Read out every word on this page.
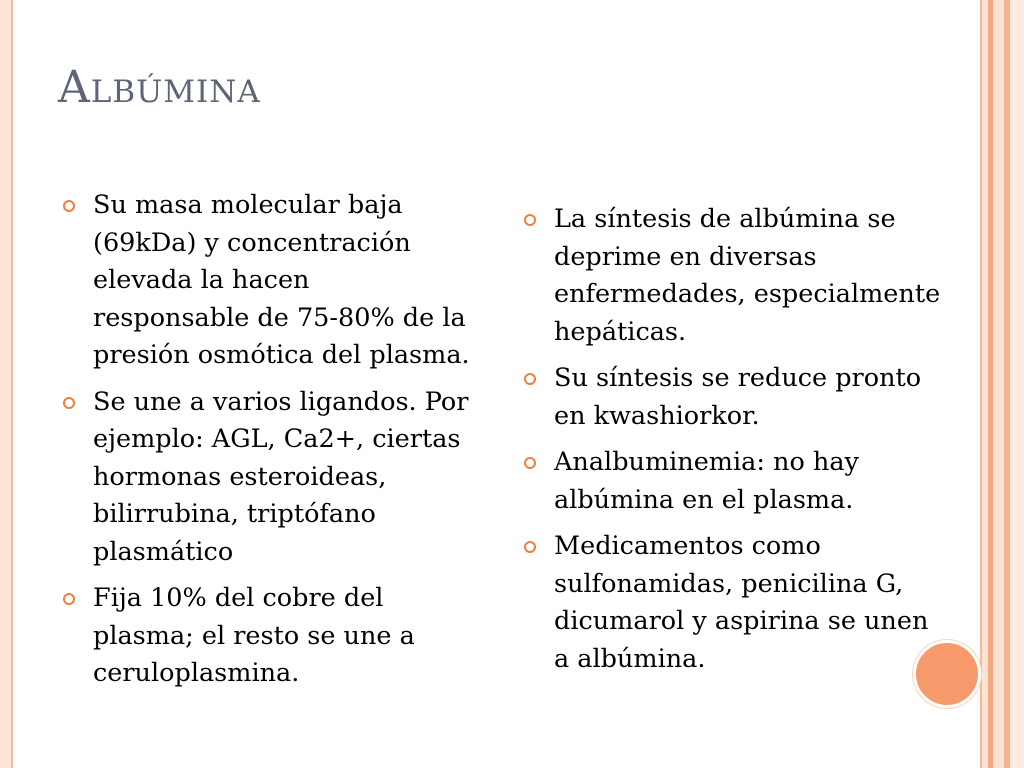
Albúmina
Su masa molecular baja (69kDa) y concentración elevada la hacen responsable de 75-80% de la presión osmótica del plasma.
Se une a varios ligandos. Por ejemplo: AGL, Ca2+, ciertas hormonas esteroideas, bilirrubina, triptófano plasmático
Fija 10% del cobre del plasma; el resto se une a ceruloplasmina.
La síntesis de albúmina se deprime en diversas enfermedades, especialmente hepáticas.
Su síntesis se reduce pronto en kwashiorkor.
Analbuminemia: no hay albúmina en el plasma.
Medicamentos como sulfonamidas, penicilina G, dicumarol y aspirina se unen a albúmina.
